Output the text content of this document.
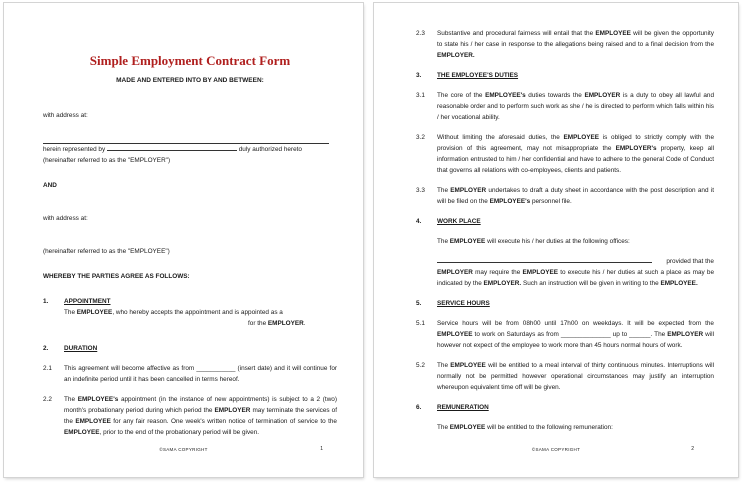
Simple Employment Contract Form
MADE AND ENTERED INTO BY AND BETWEEN:

with address at:

herein represented by	duly authorized hereto

(hereinafter referred to as the "EMPLOYER")

AND

with address at:

(hereinafter referred to as the "EMPLOYEE")

WHEREBY THE PARTIES AGREE AS FOLLOWS:

1.	APPOINTMENT

The EMPLOYEE, who hereby accepts the appointment and is appointed as a

for the EMPLOYER.

2.	DURATION
2.1	This agreement will become affective as from ___________ (insert date) and it will continue for an indefinite period until it has been cancelled in terms hereof.
2.2	The EMPLOYEE's appointment (in the instance of new appointments) is subject to a 2 (two) month's probationary period during which period the EMPLOYER may terminate the services of the EMPLOYEE for any fair reason. One week's written notice of termination of service to the EMPLOYEE, prior to the end of the probationary period will be given.
©SAMA COPYRIGHT	1
2.3	Substantive and procedural fairness will entail that the EMPLOYEE will be given the opportunity to state his / her case in response to the allegations being raised and to a final decision from the EMPLOYER.
3.	THE EMPLOYEE'S DUTIES
3.1	The core of the EMPLOYEE's duties towards the EMPLOYER is a duty to obey all lawful and reasonable order and to perform such work as she / he is directed to perform which falls within his / her vocational ability.
3.2	Without limiting the aforesaid duties, the EMPLOYEE is obliged to strictly comply with the provision of this agreement, may not misappropriate the EMPLOYER's property, keep all information entrusted to him / her confidential and have to adhere to the general Code of Conduct that governs all relations with co-employees, clients and patients.
3.3	The EMPLOYER undertakes to draft a duty sheet in accordance with the post description and it will be filed on the EMPLOYEE's personnel file.
4.	WORK PLACE

The EMPLOYEE will execute his / her duties at the following offices:

provided that the EMPLOYER may require the EMPLOYEE to execute his / her duties at such a place as may be indicated by the EMPLOYER. Such an instruction will be given in writing to the EMPLOYEE.

5.	SERVICE HOURS
5.1	Service hours will be from 08h00 until 17h00 on weekdays. It will be expected from the EMPLOYEE to work on Saturdays as from ______________ up to ______. The EMPLOYER will however not expect of the employee to work more than 45 hours normal hours of work.
5.2	The EMPLOYEE will be entitled to a meal interval of thirty continuous minutes. Interruptions will normally not be permitted however operational circumstances may justify an interruption whereupon equivalent time off will be given.
6.	REMUNERATION

The EMPLOYEE will be entitled to the following remuneration:

©SAMA COPYRIGHT	2
